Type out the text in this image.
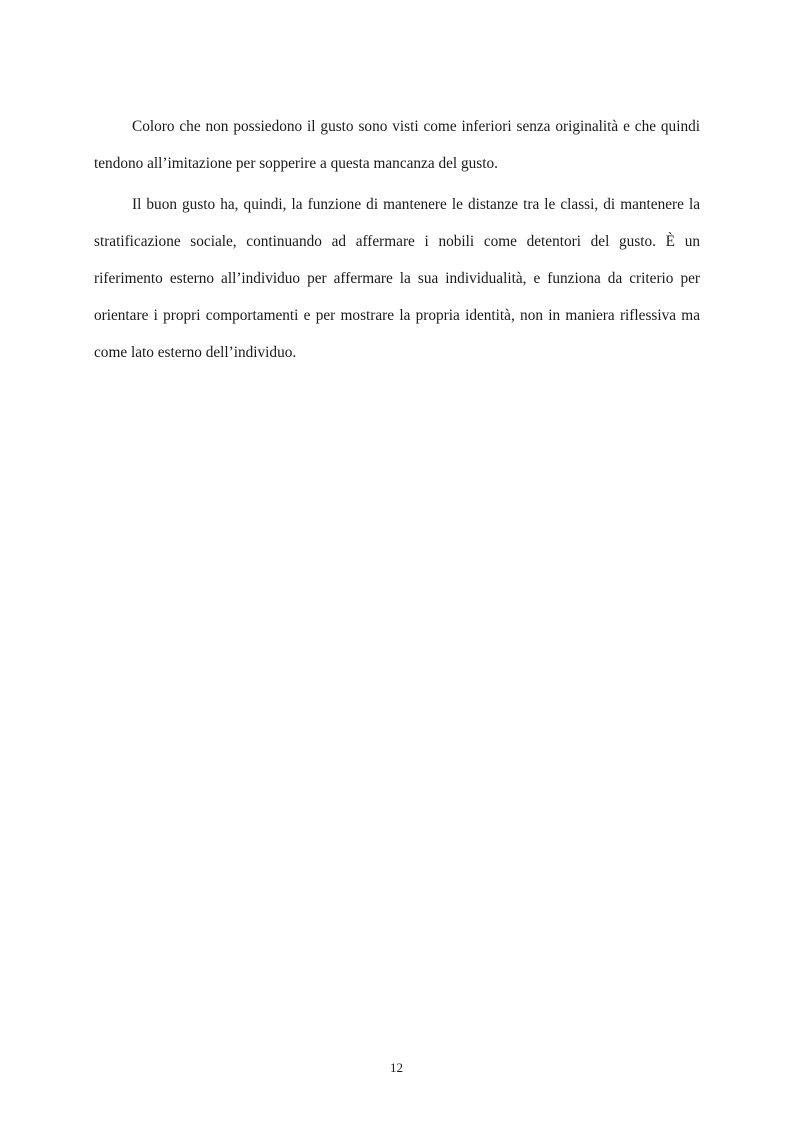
Coloro che non possiedono il gusto sono visti come inferiori senza originalità e che quindi tendono all’imitazione per sopperire a questa mancanza del gusto.

Il buon gusto ha, quindi, la funzione di mantenere le distanze tra le classi, di mantenere la stratificazione sociale, continuando ad affermare i nobili come detentori del gusto. È un riferimento esterno all’individuo per affermare la sua individualità, e funziona da criterio per orientare i propri comportamenti e per mostrare la propria identità, non in maniera riflessiva ma come lato esterno dell’individuo.

12
